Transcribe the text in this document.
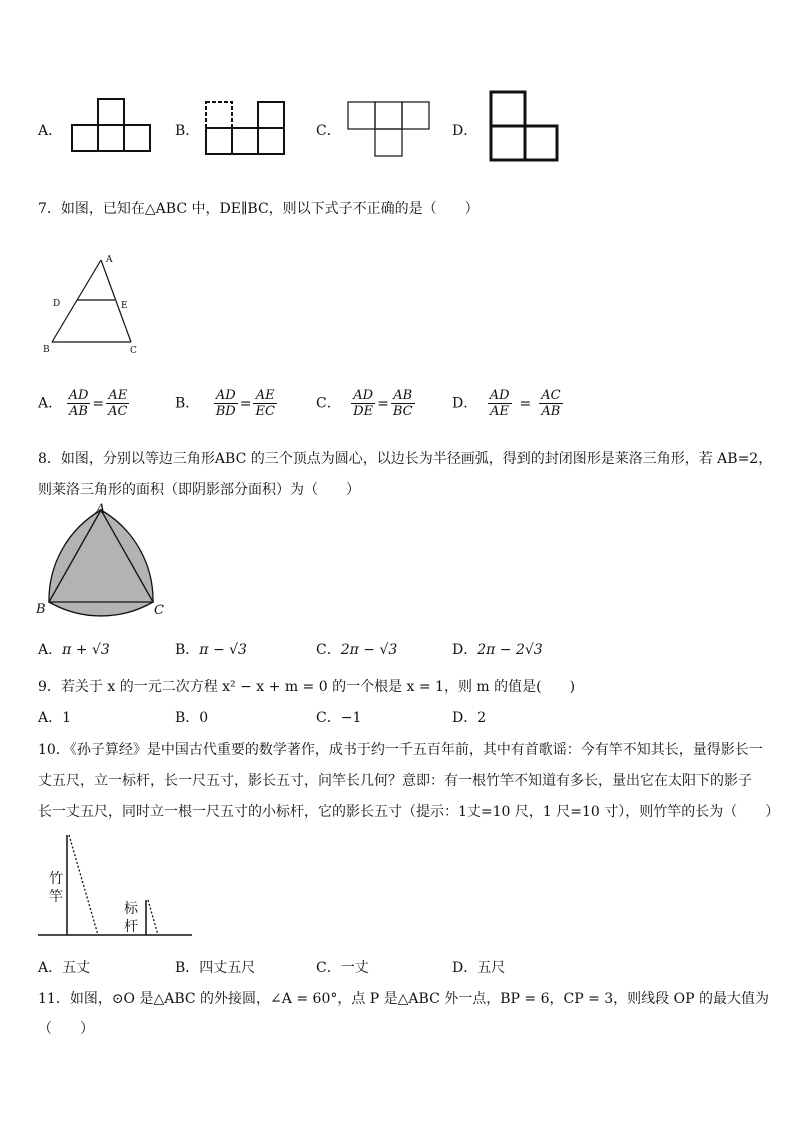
A．	B．	C．	D．
7．如图，已知在△ABC 中，DE∥BC，则以下式子不正确的是（　　）
A
D	E
B	C
A． $\frac{AD}{AB} = \frac{AE}{AC}$	B． $\frac{AD}{BD} = \frac{AE}{EC}$	C． $\frac{AD}{DE} = \frac{AB}{BC}$	D． $\frac{AD}{AE} = \frac{AC}{AB}$
8．如图，分别以等边三角形ABC 的三个顶点为圆心，以边长为半径画弧，得到的封闭图形是莱洛三角形，若 AB=2，
则莱洛三角形的面积（即阴影部分面积）为（　　）
A
B	C
A．π + √3	B．π − √3	C．2π − √3	D．2π − 2√3
9．若关于 x 的一元二次方程 x² − x + m = 0 的一个根是 x = 1，则 m 的值是(　　)
A．1	B．0	C．−1	D．2
10．《孙子算经》是中国古代重要的数学著作，成书于约一千五百年前，其中有首歌谣：今有竿不知其长，量得影长一
丈五尺，立一标杆，长一尺五寸，影长五寸，问竿长几何？意即：有一根竹竿不知道有多长，量出它在太阳下的影子
长一丈五尺，同时立一根一尺五寸的小标杆，它的影长五寸（提示：1丈=10 尺，1 尺=10 寸），则竹竿的长为（　　）
竹
竿
标
杆
A．五丈	B．四丈五尺	C．一丈	D．五尺
11．如图，⊙O 是△ABC 的外接圆，∠A = 60°，点 P 是△ABC 外一点，BP = 6，CP = 3，则线段 OP 的最大值为
（　　）
